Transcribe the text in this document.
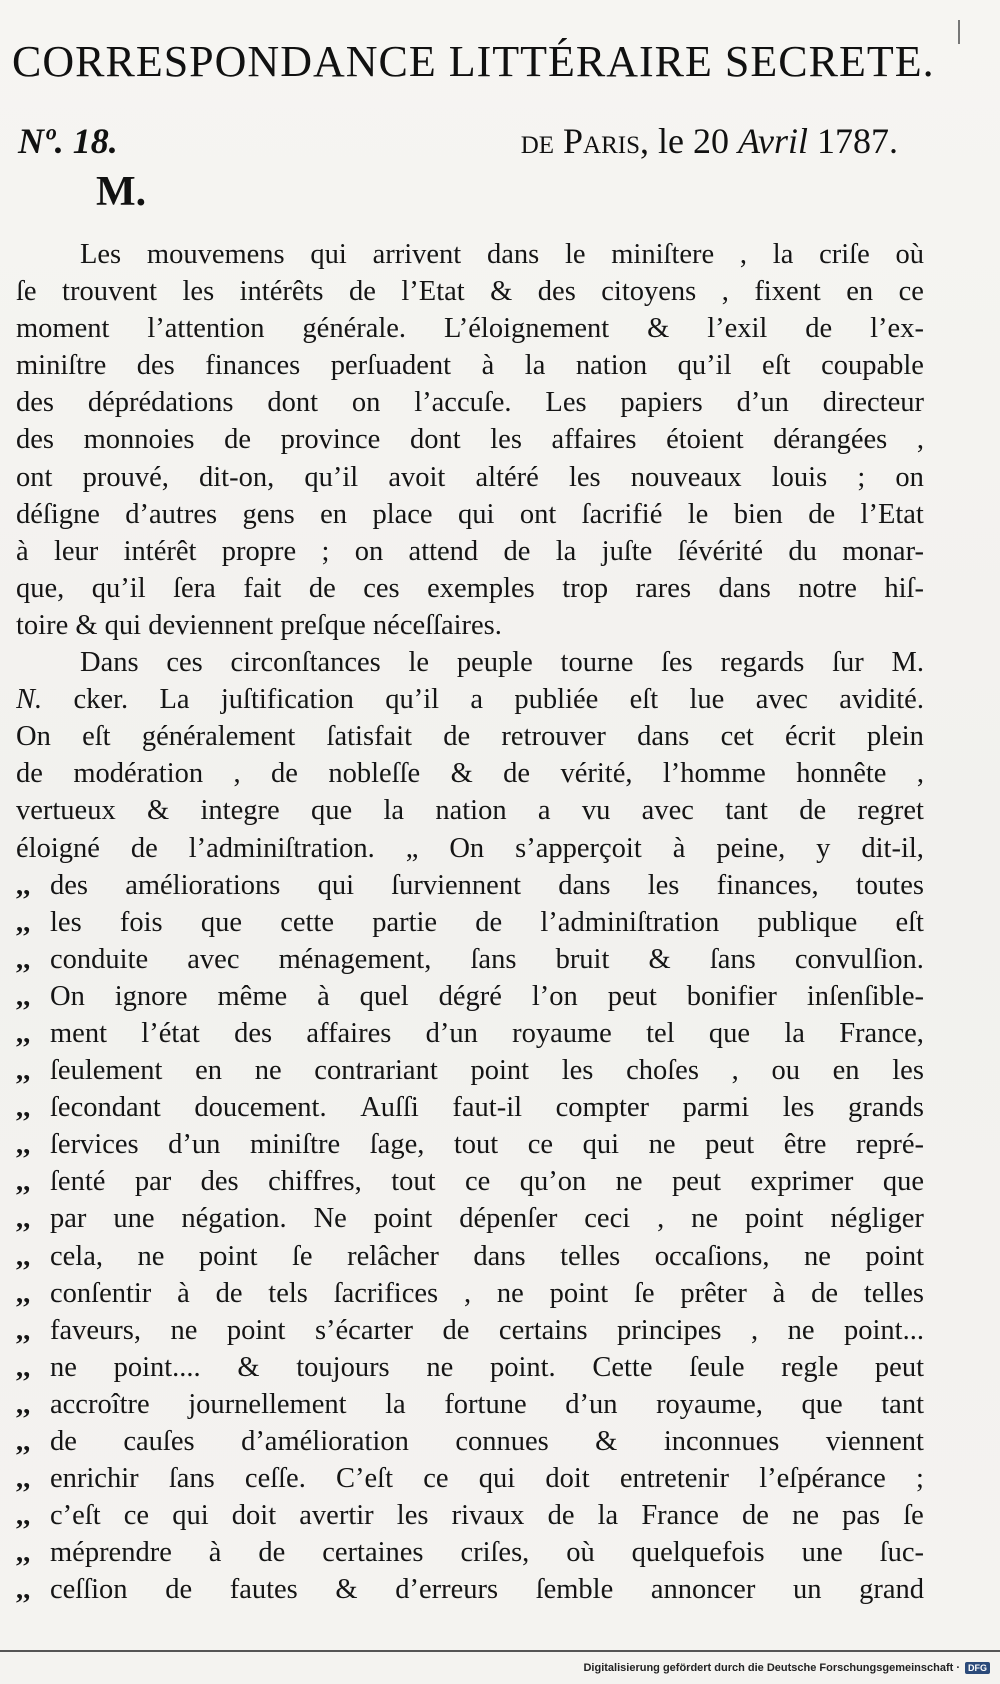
CORRESPONDANCE LITTÉRAIRE SECRETE.
Nº. 18.	de Paris, le 20 Avril 1787.
M.
Les mouvemens qui arrivent dans le miniſtere , la criſe où
ſe trouvent les intérêts de l’Etat & des citoyens , fixent en ce
moment l’attention générale. L’éloignement & l’exil de l’ex-
miniſtre des finances perſuadent à la nation qu’il eſt coupable
des déprédations dont on l’accuſe. Les papiers d’un directeur
des monnoies de province dont les affaires étoient dérangées ,
ont prouvé, dit-on, qu’il avoit altéré les nouveaux louis ; on
déſigne d’autres gens en place qui ont ſacrifié le bien de l’Etat
à leur intérêt propre ; on attend de la juſte ſévérité du monar-
que, qu’il ſera fait de ces exemples trop rares dans notre hiſ-
toire & qui deviennent preſque néceſſaires.
Dans ces circonſtances le peuple tourne ſes regards ſur M.
N. cker. La juſtification qu’il a publiée eſt lue avec avidité.
On eſt généralement ſatisfait de retrouver dans cet écrit plein
de modération , de nobleſſe & de vérité, l’homme honnête ,
vertueux & integre que la nation a vu avec tant de regret
éloigné de l’adminiſtration. „ On s’apperçoit à peine, y dit-il,
,, des améliorations qui ſurviennent dans les finances, toutes
,, les fois que cette partie de l’adminiſtration publique eſt
,, conduite avec ménagement, ſans bruit & ſans convulſion.
,, On ignore même à quel dégré l’on peut bonifier inſenſible-
,, ment l’état des affaires d’un royaume tel que la France,
,, ſeulement en ne contrariant point les choſes , ou en les
,, ſecondant doucement. Auſſi faut-il compter parmi les grands
,, ſervices d’un miniſtre ſage, tout ce qui ne peut être repré-
,, ſenté par des chiffres, tout ce qu’on ne peut exprimer que
,, par une négation. Ne point dépenſer ceci , ne point négliger
,, cela, ne point ſe relâcher dans telles occaſions, ne point
,, conſentir à de tels ſacrifices , ne point ſe prêter à de telles
,, faveurs, ne point s’écarter de certains principes , ne point...
,, ne point.... & toujours ne point. Cette ſeule regle peut
,, accroître journellement la fortune d’un royaume, que tant
,, de cauſes d’amélioration connues & inconnues viennent
,, enrichir ſans ceſſe. C’eſt ce qui doit entretenir l’eſpérance ;
,, c’eſt ce qui doit avertir les rivaux de la France de ne pas ſe
,, méprendre à de certaines criſes, où quelquefois une ſuc-
,, ceſſion de fautes & d’erreurs ſemble annoncer un grand
Digitalisierung gefördert durch die Deutsche Forschungsgemeinschaft · DFG
